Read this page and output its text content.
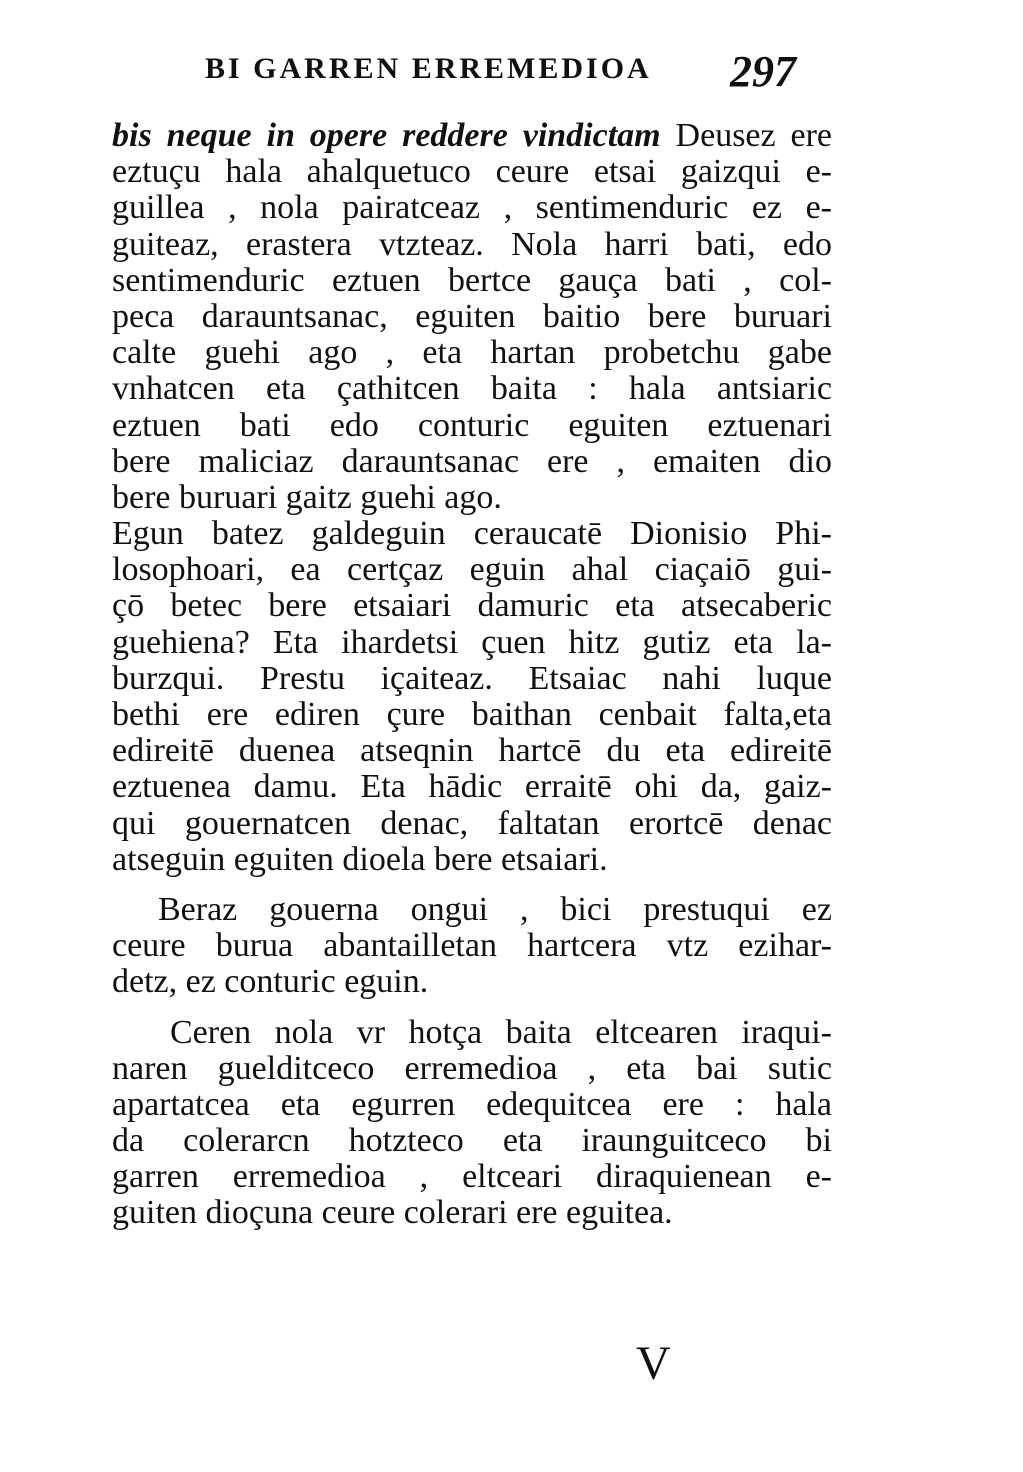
BI GARREN ERREMEDIOA 297
bis neque in opere reddere vindictam Deusez ere
eztuçu hala ahalquetuco ceure etsai gaizqui e-
guillea , nola pairatceaz , sentimenduric ez e-
guiteaz, erastera vtzteaz. Nola harri bati, edo
sentimenduric eztuen bertce gauça bati , col-
peca darauntsanac, eguiten baitio bere buruari
calte guehi ago , eta hartan probetchu gabe
vnhatcen eta çathitcen baita : hala antsiaric
eztuen bati edo conturic eguiten eztuenari
bere maliciaz darauntsanac ere , emaiten dio
bere buruari gaitz guehi ago.
Egun batez galdeguin ceraucatē Dionisio Phi-
losophoari, ea certçaz eguin ahal ciaçaiō gui-
çō betec bere etsaiari damuric eta atsecaberic
guehiena? Eta ihardetsi çuen hitz gutiz eta la-
burzqui. Prestu içaiteaz. Etsaiac nahi luque
bethi ere ediren çure baithan cenbait falta,eta
edireitē duenea atseqnin hartcē du eta edireitē
eztuenea damu. Eta hādic erraitē ohi da, gaiz-
qui gouernatcen denac, faltatan erortcē denac
atseguin eguiten dioela bere etsaiari.
Beraz gouerna ongui , bici prestuqui ez
ceure burua abantailletan hartcera vtz ezihar-
detz, ez conturic eguin.
Ceren nola vr hotça baita eltcearen iraqui-
naren guelditceco erremedioa , eta bai sutic
apartatcea eta egurren edequitcea ere : hala
da colerarcn hotzteco eta iraunguitceco bi
garren erremedioa , eltceari diraquienean e-
guiten dioçuna ceure colerari ere eguitea.
V
